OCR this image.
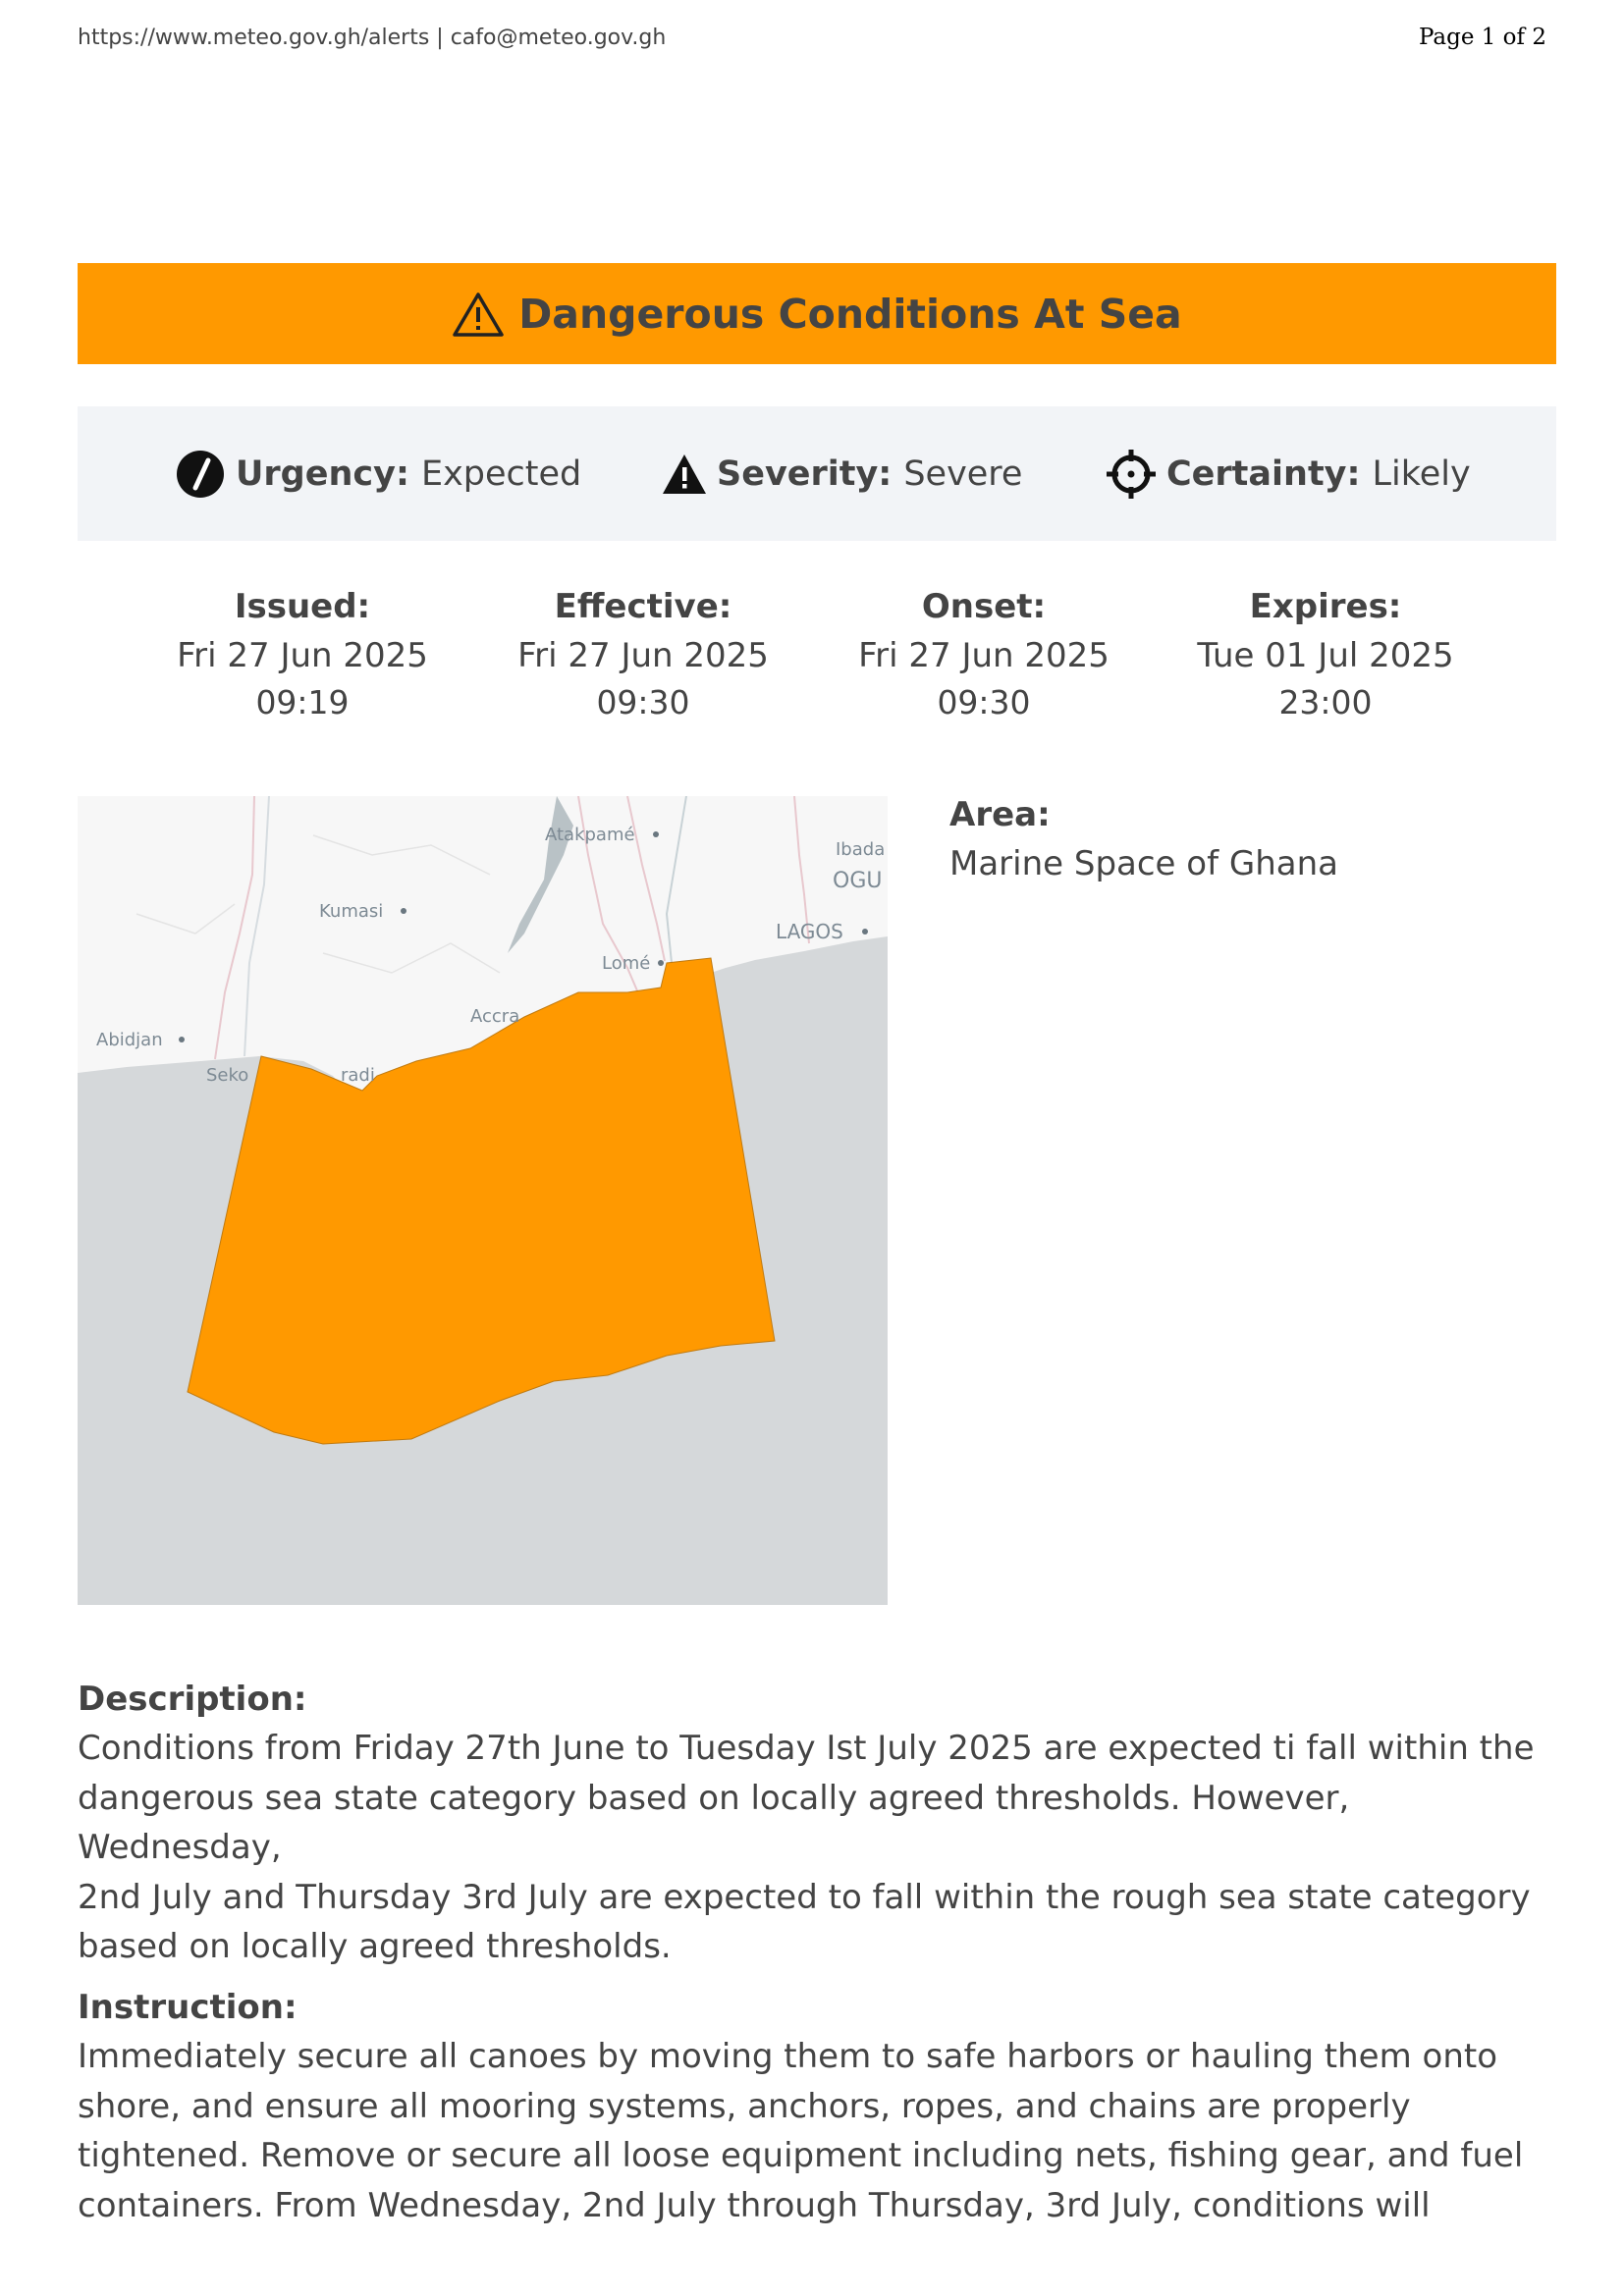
https://www.meteo.gov.gh/alerts | cafo@meteo.gov.gh	Page 1 of 2
Dangerous Conditions At Sea
Urgency: Expected	Severity: Severe	Certainty: Likely
Issued:
Fri 27 Jun 2025
09:19
Effective:
Fri 27 Jun 2025
09:30
Onset:
Fri 27 Jun 2025
09:30
Expires:
Tue 01 Jul 2025
23:00
Atakpamé
Kumasi
Ibada
OGU
LAGOS
Lomé
Accra
Abidjan
Seko	radi
Area:
Marine Space of Ghana
Description:
Conditions from Friday 27th June to Tuesday Ist July 2025 are expected ti fall within the
dangerous sea state category based on locally agreed thresholds. However, Wednesday,
2nd July and Thursday 3rd July are expected to fall within the rough sea state category
based on locally agreed thresholds.
Instruction:
Immediately secure all canoes by moving them to safe harbors or hauling them onto
shore, and ensure all mooring systems, anchors, ropes, and chains are properly
tightened. Remove or secure all loose equipment including nets, fishing gear, and fuel
containers. From Wednesday, 2nd July through Thursday, 3rd July, conditions will
